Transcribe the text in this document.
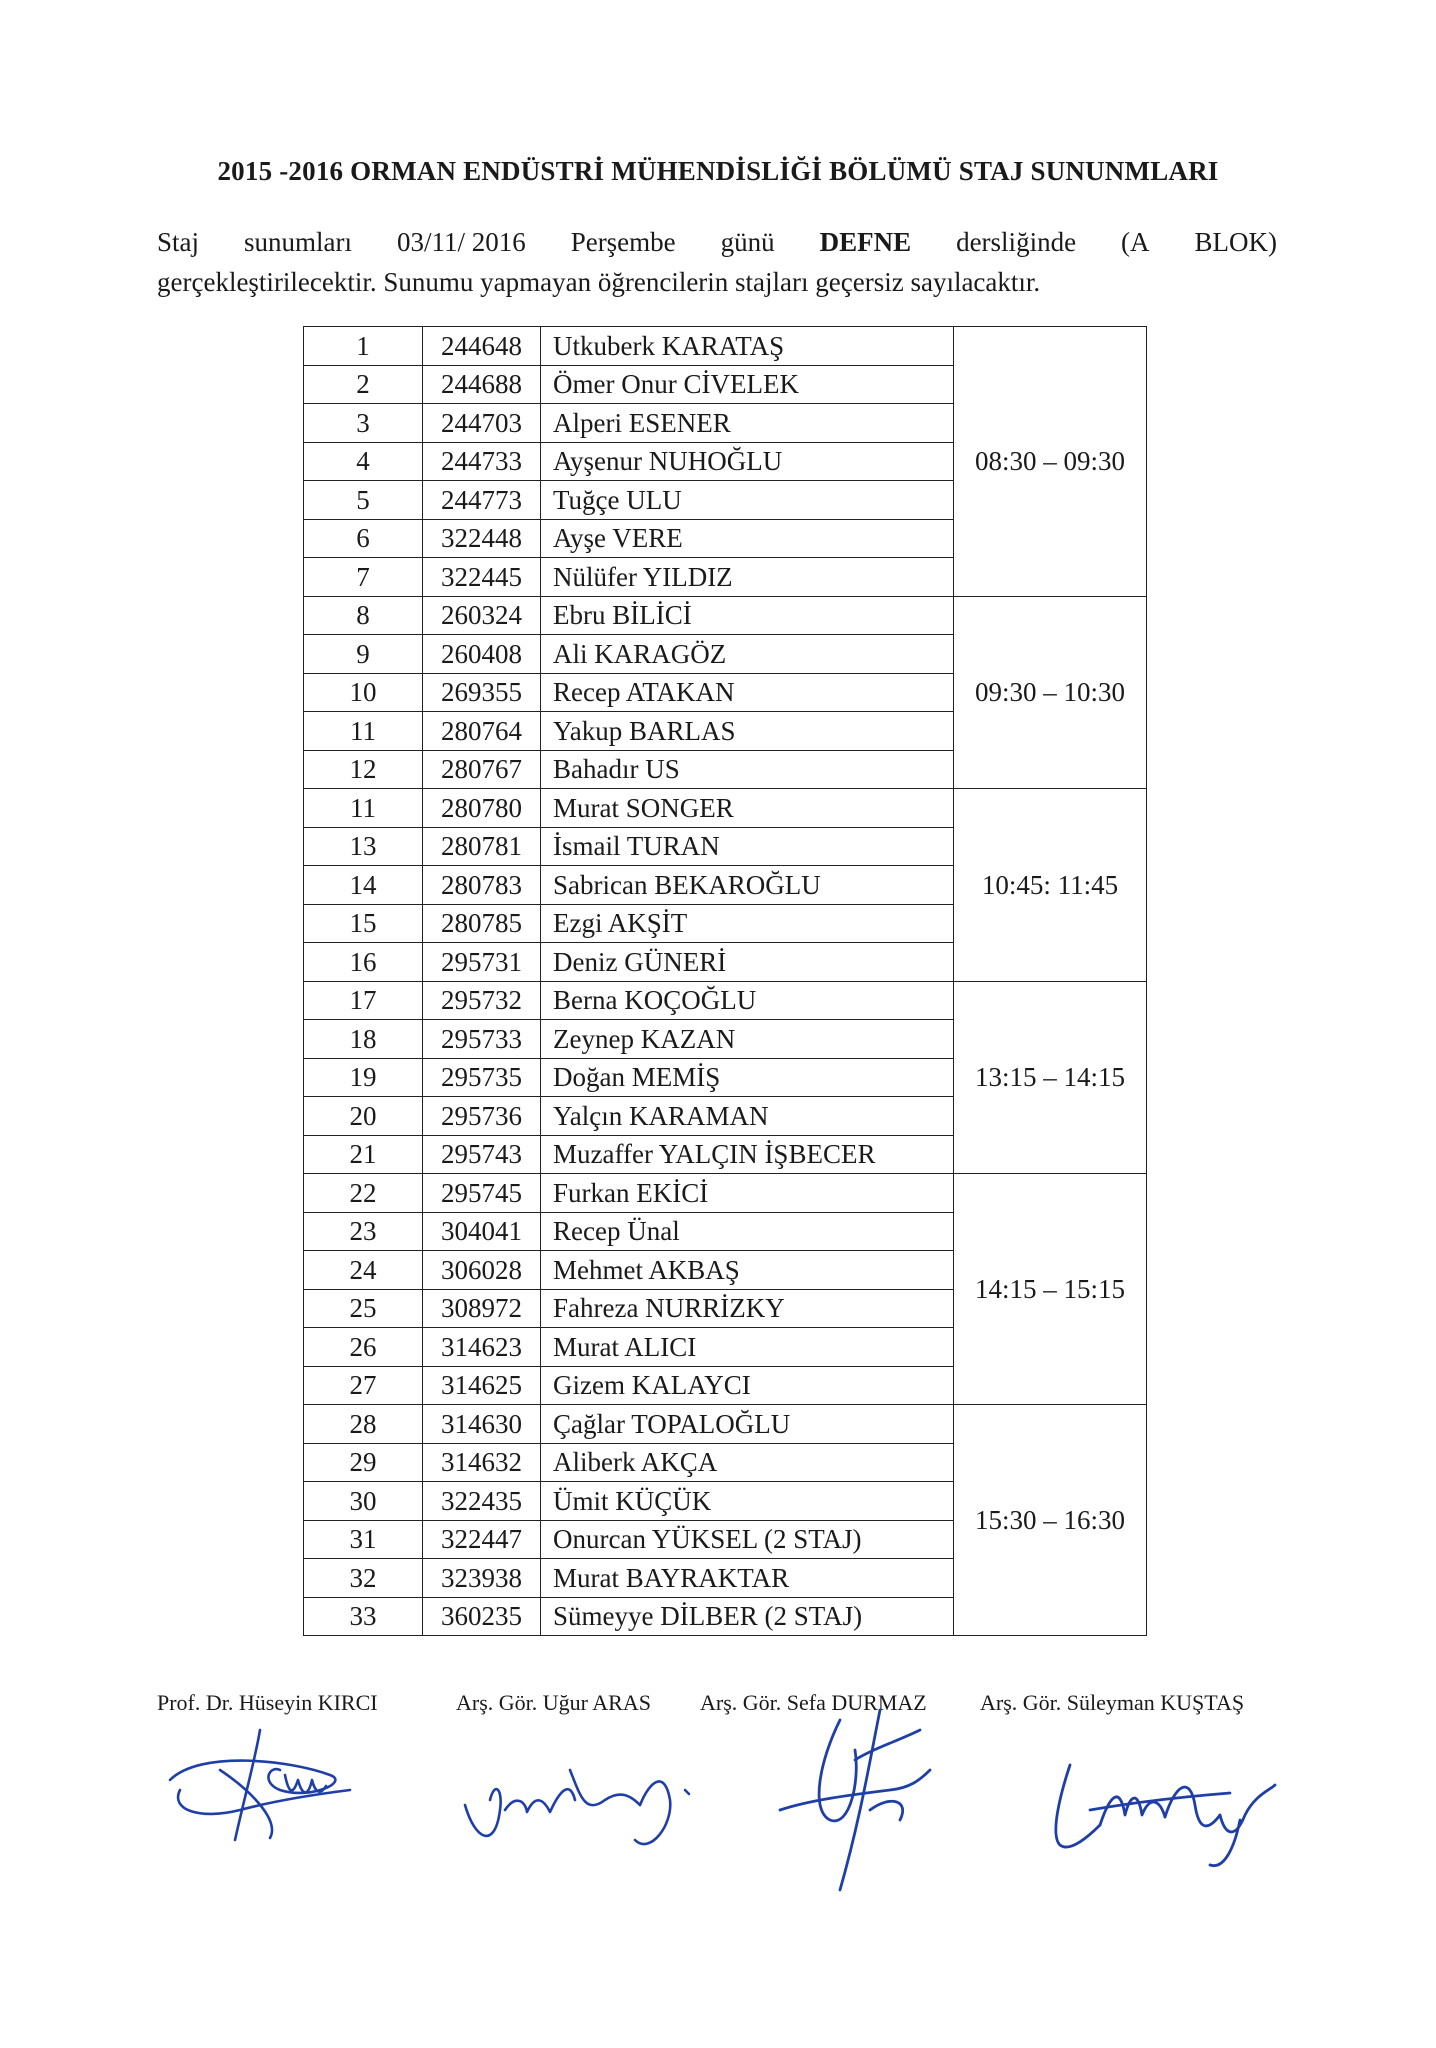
2015 -2016 ORMAN ENDÜSTRİ MÜHENDİSLİĞİ BÖLÜMÜ STAJ SUNUNMLARI
Staj sunumları 03/11/ 2016 Perşembe günü DEFNE dersliğinde (A BLOK)
gerçekleştirilecektir. Sunumu yapmayan öğrencilerin stajları geçersiz sayılacaktır.
1	244648	Utkuberk KARATAŞ	08:30 – 09:30
2	244688	Ömer Onur CİVELEK	
3	244703	Alperi ESENER	
4	244733	Ayşenur NUHOĞLU	
5	244773	Tuğçe ULU	
6	322448	Ayşe VERE	
7	322445	Nülüfer YILDIZ	
8	260324	Ebru BİLİCİ	09:30 – 10:30
9	260408	Ali KARAGÖZ	
10	269355	Recep ATAKAN	
11	280764	Yakup BARLAS	
12	280767	Bahadır US	
11	280780	Murat SONGER	10:45: 11:45
13	280781	İsmail TURAN	
14	280783	Sabrican BEKAROĞLU	
15	280785	Ezgi AKŞİT	
16	295731	Deniz GÜNERİ	
17	295732	Berna KOÇOĞLU	13:15 – 14:15
18	295733	Zeynep KAZAN	
19	295735	Doğan MEMİŞ	
20	295736	Yalçın KARAMAN	
21	295743	Muzaffer YALÇIN İŞBECER	
22	295745	Furkan EKİCİ	14:15 – 15:15
23	304041	Recep Ünal	
24	306028	Mehmet AKBAŞ	
25	308972	Fahreza NURRİZKY	
26	314623	Murat ALICI	
27	314625	Gizem KALAYCI	
28	314630	Çağlar TOPALOĞLU	15:30 – 16:30
29	314632	Aliberk AKÇA	
30	322435	Ümit KÜÇÜK	
31	322447	Onurcan YÜKSEL (2 STAJ)	
32	323938	Murat BAYRAKTAR	
33	360235	Sümeyye DİLBER (2 STAJ)	
Prof. Dr. Hüseyin KIRCI	Arş. Gör. Uğur ARAS Arş. Gör. Sefa DURMAZ Arş. Gör. Süleyman KUŞTAŞ
